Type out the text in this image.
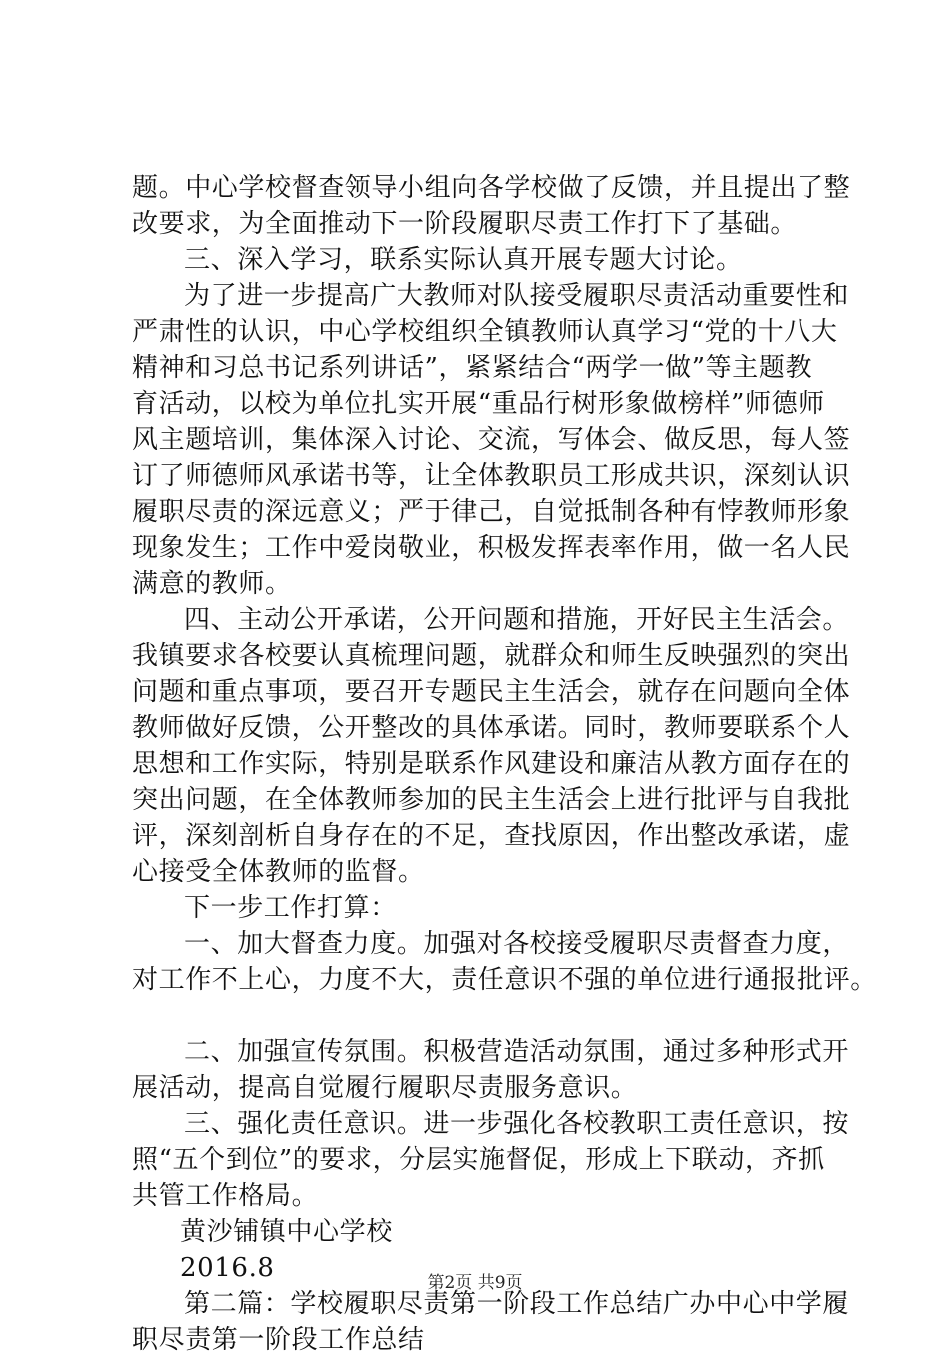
题。中心学校督查领导小组向各学校做了反馈，并且提出了整
改要求，为全面推动下一阶段履职尽责工作打下了基础。
三、深入学习，联系实际认真开展专题大讨论。
为了进一步提高广大教师对队接受履职尽责活动重要性和
严肃性的认识，中心学校组织全镇教师认真学习“党的十八大
精神和习总书记系列讲话”，紧紧结合“两学一做”等主题教
育活动，以校为单位扎实开展“重品行树形象做榜样”师德师
风主题培训，集体深入讨论、交流，写体会、做反思，每人签
订了师德师风承诺书等，让全体教职员工形成共识，深刻认识
履职尽责的深远意义；严于律己，自觉抵制各种有悖教师形象
现象发生；工作中爱岗敬业，积极发挥表率作用，做一名人民
满意的教师。
四、主动公开承诺，公开问题和措施，开好民主生活会。
我镇要求各校要认真梳理问题，就群众和师生反映强烈的突出
问题和重点事项，要召开专题民主生活会，就存在问题向全体
教师做好反馈，公开整改的具体承诺。同时，教师要联系个人
思想和工作实际，特别是联系作风建设和廉洁从教方面存在的
突出问题，在全体教师参加的民主生活会上进行批评与自我批
评，深刻剖析自身存在的不足，查找原因，作出整改承诺，虚
心接受全体教师的监督。
下一步工作打算：
一、加大督查力度。加强对各校接受履职尽责督查力度，
对工作不上心，力度不大，责任意识不强的单位进行通报批评。
二、加强宣传氛围。积极营造活动氛围，通过多种形式开
展活动，提高自觉履行履职尽责服务意识。
三、强化责任意识。进一步强化各校教职工责任意识，按
照“五个到位”的要求，分层实施督促，形成上下联动，齐抓
共管工作格局。
黄沙铺镇中心学校
2016.8
第二篇：学校履职尽责第一阶段工作总结广办中心中学履
职尽责第一阶段工作总结
第2页 共9页
